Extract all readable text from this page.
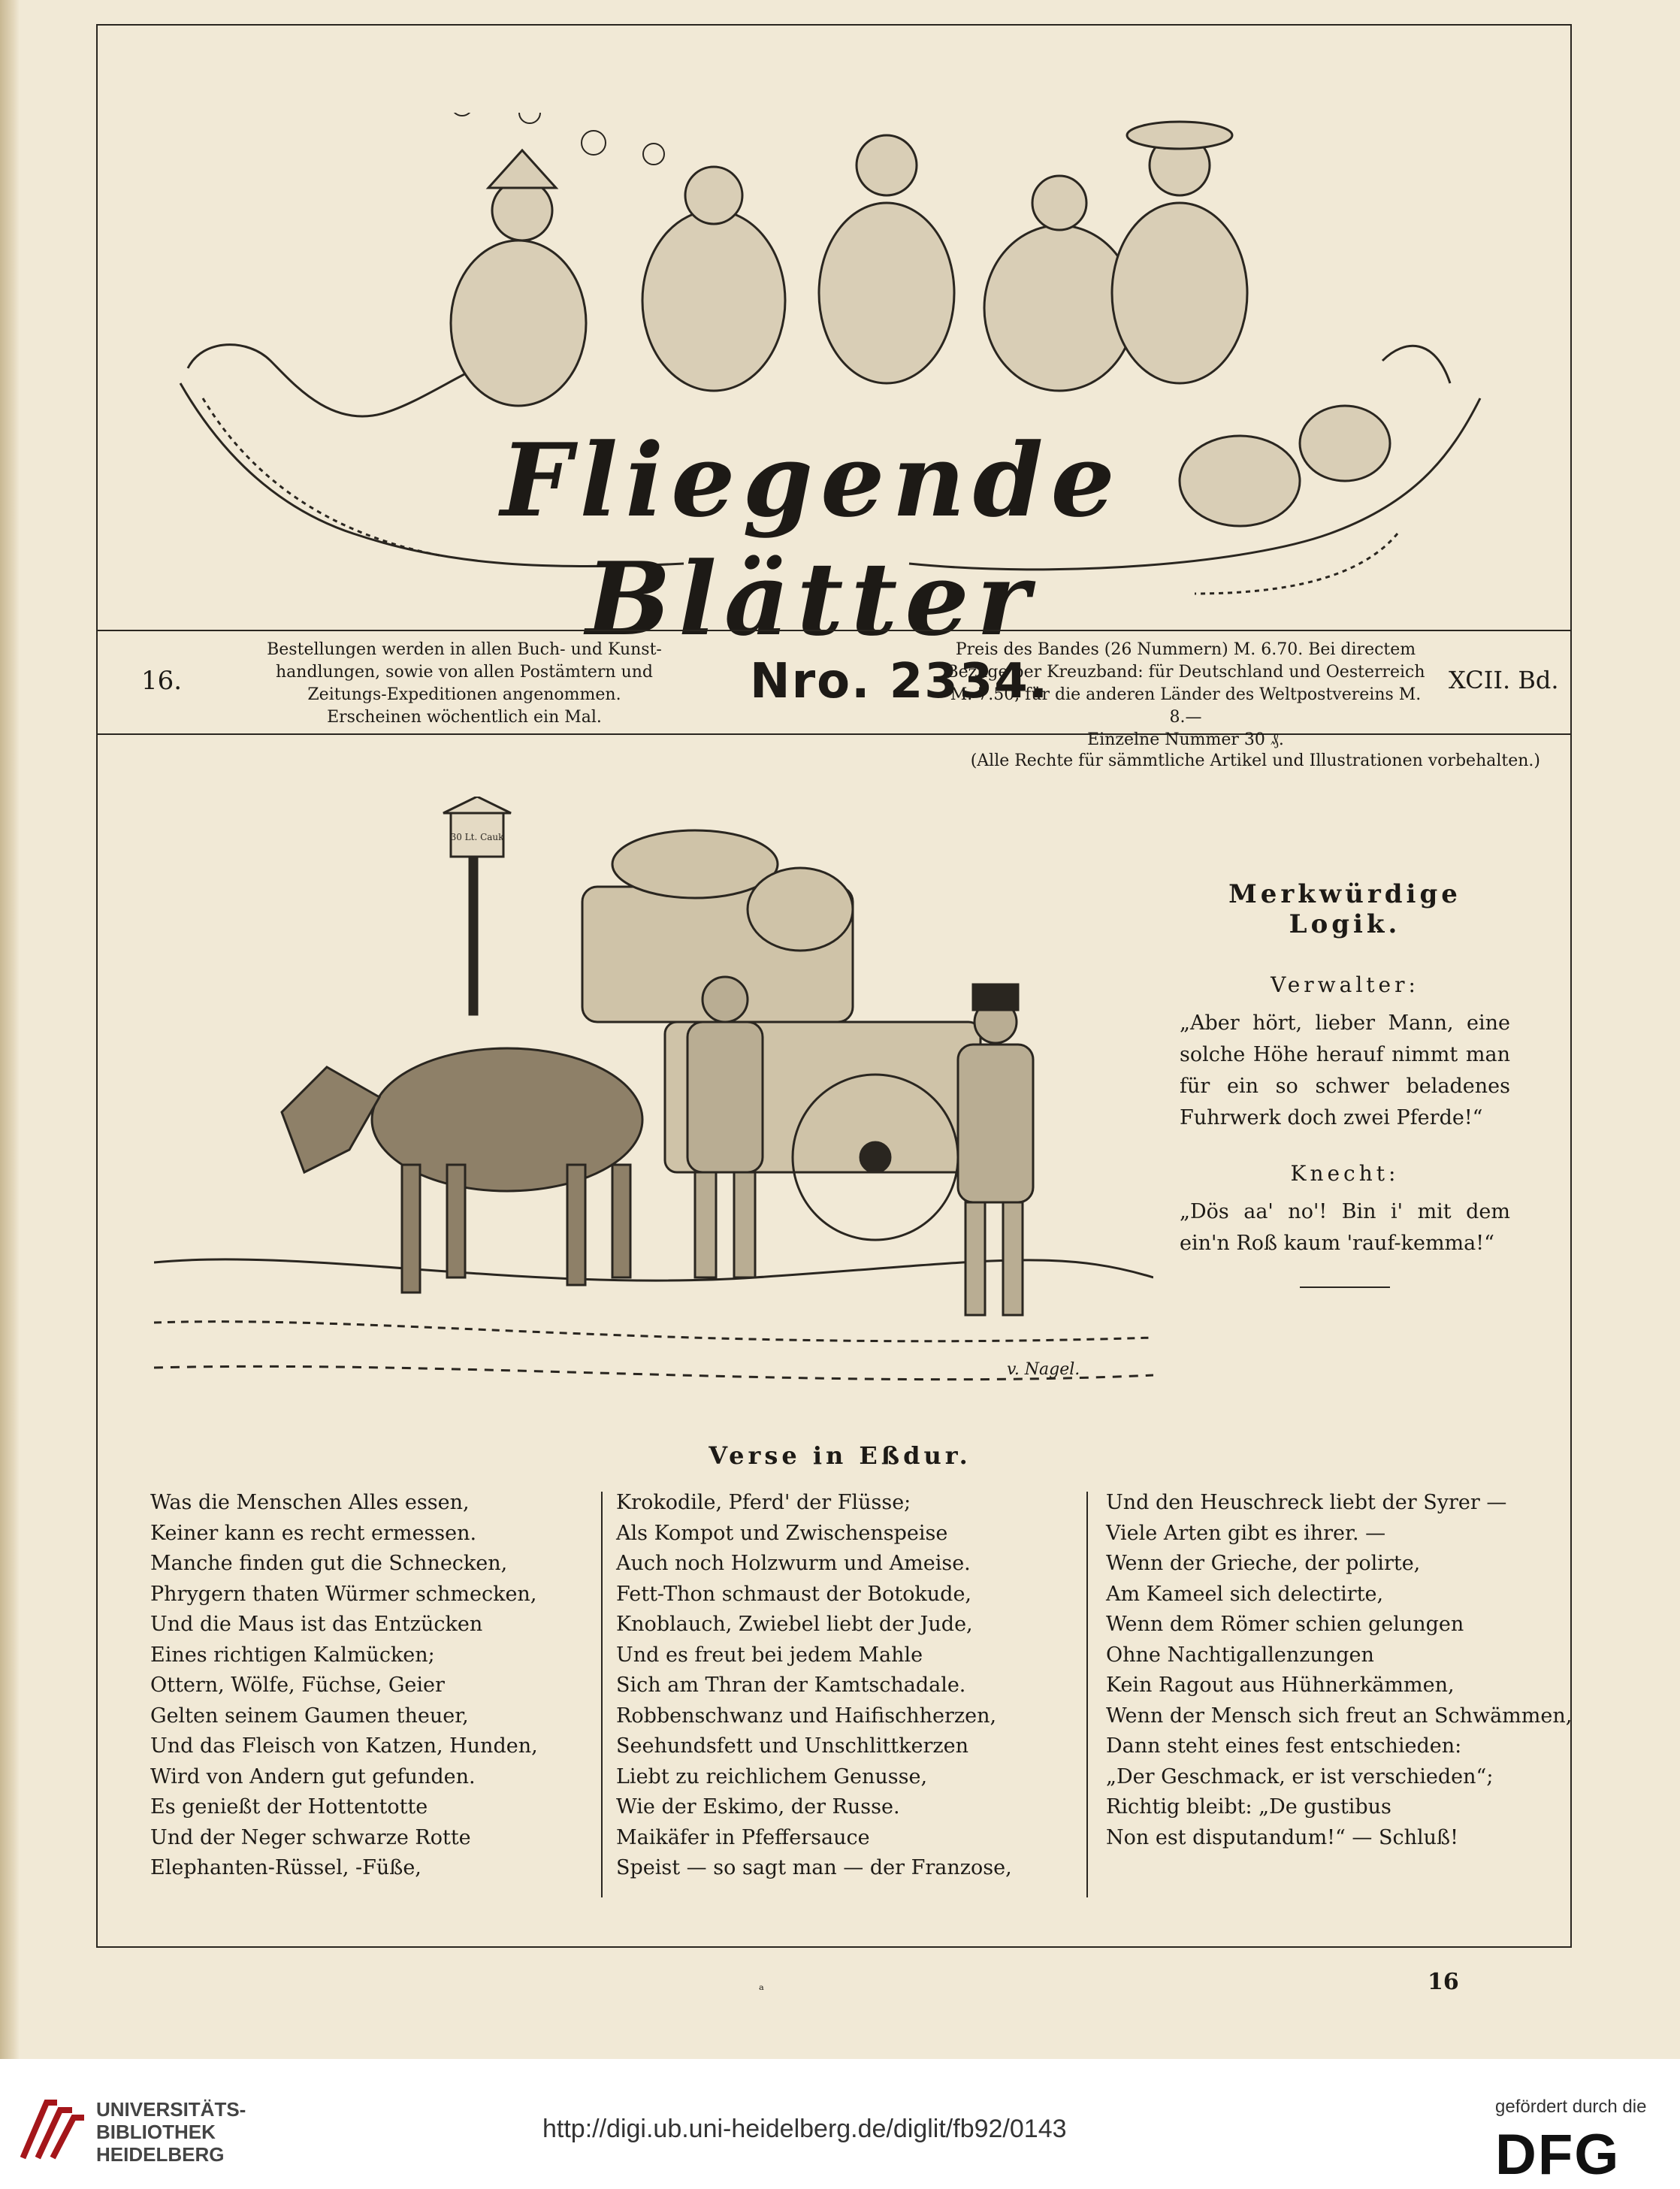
Fliegende Blätter
16.
Bestellungen werden in allen Buch- und Kunst-
handlungen, sowie von allen Postämtern und
Zeitungs-Expeditionen angenommen.
Erscheinen wöchentlich ein Mal.
Nro. 2334.
Preis des Bandes (26 Nummern) M. 6.70. Bei directem
Bezuge per Kreuzband: für Deutschland und Oesterreich
M. 7.50, für die anderen Länder des Weltpostvereins M. 8.—
Einzelne Nummer 30 ₰.
XCII. Bd.
(Alle Rechte für sämmtliche Artikel und Illustrationen vorbehalten.)
30 Lt. Cauk
v. Nagel.
Merkwürdige Logik.
Verwalter:

„Aber hört, lieber Mann, eine solche Höhe herauf nimmt man für ein so schwer beladenes Fuhrwerk doch zwei Pferde!“

Knecht:

„Dös aa' no'! Bin i' mit dem ein'n Roß kaum 'rauf-kemma!“

Verse in Eßdur.
Was die Menschen Alles essen,
Keiner kann es recht ermessen.
Manche finden gut die Schnecken,
Phrygern thaten Würmer schmecken,
Und die Maus ist das Entzücken
Eines richtigen Kalmücken;
Ottern, Wölfe, Füchse, Geier
Gelten seinem Gaumen theuer,
Und das Fleisch von Katzen, Hunden,
Wird von Andern gut gefunden.
Es genießt der Hottentotte
Und der Neger schwarze Rotte
Elephanten-Rüssel, -Füße,
Krokodile, Pferd' der Flüsse;
Als Kompot und Zwischenspeise
Auch noch Holzwurm und Ameise.
Fett-Thon schmaust der Botokude,
Knoblauch, Zwiebel liebt der Jude,
Und es freut bei jedem Mahle
Sich am Thran der Kamtschadale.
Robbenschwanz und Haifischherzen,
Seehundsfett und Unschlittkerzen
Liebt zu reichlichem Genusse,
Wie der Eskimo, der Russe.
Maikäfer in Pfeffersauce
Speist — so sagt man — der Franzose,
Und den Heuschreck liebt der Syrer —
Viele Arten gibt es ihrer. —
Wenn der Grieche, der polirte,
Am Kameel sich delectirte,
Wenn dem Römer schien gelungen
Ohne Nachtigallenzungen
Kein Ragout aus Hühnerkämmen,
Wenn der Mensch sich freut an Schwämmen,
Dann steht eines fest entschieden:
„Der Geschmack, er ist verschieden“;
Richtig bleibt: „De gustibus
Non est disputandum!“ — Schluß!
ᵃ	16
UNIVERSITÄTS-
BIBLIOTHEK
HEIDELBERG
http://digi.ub.uni-heidelberg.de/diglit/fb92/0143
gefördert durch die
DFG
